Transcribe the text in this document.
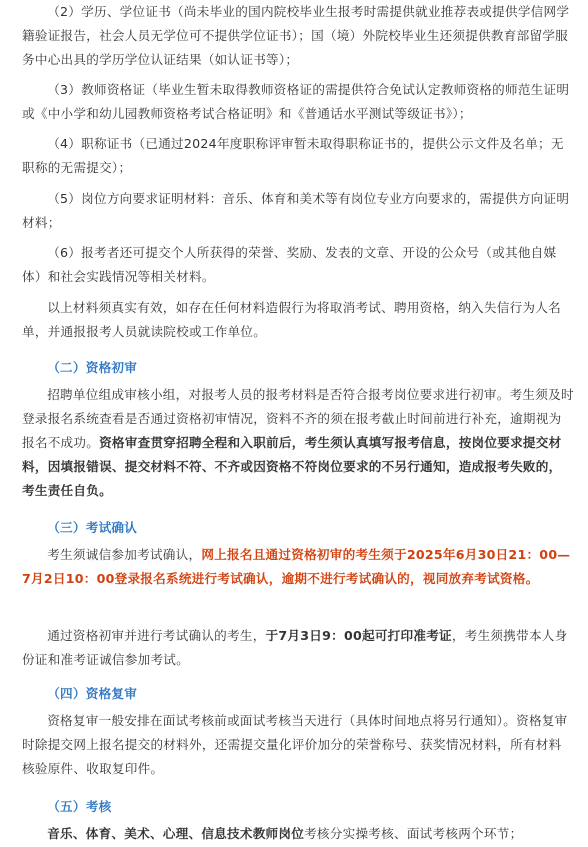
（2）学历、学位证书（尚未毕业的国内院校毕业生报考时需提供就业推荐表或提供学信网学籍验证报告，社会人员无学位可不提供学位证书）；国（境）外院校毕业生还须提供教育部留学服务中心出具的学历学位认证结果（如认证书等）；

（3）教师资格证（毕业生暂未取得教师资格证的需提供符合免试认定教师资格的师范生证明或《中小学和幼儿园教师资格考试合格证明》和《普通话水平测试等级证书》）；

（4）职称证书（已通过2024年度职称评审暂未取得职称证书的，提供公示文件及名单；无职称的无需提交）；

（5）岗位方向要求证明材料：音乐、体育和美术等有岗位专业方向要求的，需提供方向证明材料；

（6）报考者还可提交个人所获得的荣誉、奖励、发表的文章、开设的公众号（或其他自媒体）和社会实践情况等相关材料。

以上材料须真实有效，如存在任何材料造假行为将取消考试、聘用资格，纳入失信行为人名单，并通报报考人员就读院校或工作单位。

（二）资格初审

招聘单位组成审核小组，对报考人员的报考材料是否符合报考岗位要求进行初审。考生须及时登录报名系统查看是否通过资格初审情况，资料不齐的须在报考截止时间前进行补充，逾期视为报名不成功。资格审查贯穿招聘全程和入职前后，考生须认真填写报考信息，按岗位要求提交材料，因填报错误、提交材料不符、不齐或因资格不符岗位要求的不另行通知，造成报考失败的，考生责任自负。

（三）考试确认

考生须诚信参加考试确认，网上报名且通过资格初审的考生须于2025年6月30日21：00—7月2日10：00登录报名系统进行考试确认，逾期不进行考试确认的，视同放弃考试资格。

通过资格初审并进行考试确认的考生，于7月3日9：00起可打印准考证，考生须携带本人身份证和准考证诚信参加考试。

（四）资格复审

资格复审一般安排在面试考核前或面试考核当天进行（具体时间地点将另行通知）。资格复审时除提交网上报名提交的材料外，还需提交量化评价加分的荣誉称号、获奖情况材料，所有材料核验原件、收取复印件。

（五）考核

音乐、体育、美术、心理、信息技术教师岗位考核分实操考核、面试考核两个环节；
